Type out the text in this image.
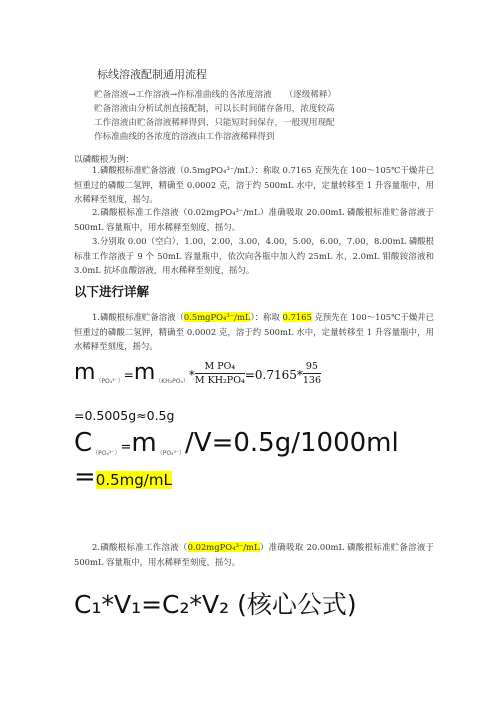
标线溶液配制通用流程
贮备溶液→工作溶液→作标准曲线的各浓度溶液　　（逐级稀释）
贮备溶液由分析试剂直接配制，可以长时间储存备用，浓度较高
工作溶液由贮备溶液稀释得到，只能短时间保存，一般现用现配
作标准曲线的各浓度的溶液由工作溶液稀释得到
以磷酸根为例：
1.磷酸根标准贮备溶液（0.5mgPO₄³⁻/mL）：称取 0.7165 克预先在 100～105℃干燥并已恒重过的磷酸二氢钾，精确至 0.0002 克，溶于约 500mL 水中，定量转移至 1 升容量瓶中，用水稀释至刻度，摇匀。
以下进行详解
2.磷酸根标准工作溶液（0.02mgPO₄³⁻/mL）准确吸取 20.00mL 磷酸根标准贮备溶液于 500mL 容量瓶中，用水稀释至刻度，摇匀。
1.磷酸根标准贮备溶液（0.5mgPO₄³⁻/mL）：称取 0.7165 克预先在 100～105℃干燥并已恒重过的磷酸二氢钾，精确至 0.0002 克，溶于约 500mL 水中，定量转移至 1 升容量瓶中，用水稀释至刻度，摇匀。
$m(PO_4^{3-})=m(KH_2PO_4)* \frac{\text{M PO₄}}{\text{M KH₂PO₄}} =0.7165* \frac{95}{136}$
=0.5005g≈0.5g
C（PO₄³⁻）=m（PO₄³⁻）/V=0.5g/1000ml
=0.5mg/mL
2.磷酸根标准工作溶液（0.02mgPO₄³⁻/mL）准确吸取 20.00mL 磷酸根标准贮备溶液于 500mL 容量瓶中，用水稀释至刻度，摇匀。
C₁*V₁=C₂*V₂ (核心公式)
3.分别取 0.00（空白），1.00，2.00，3.00，4.00，5.00，6.00，7.00，8.00mL 磷酸根标准工作溶液于 9 个 50mL 容量瓶中，依次向各瓶中加入约 25mL 水，2.0mL 钼酸铵溶液和 3.0mL 抗坏血酸溶液，用水稀释至刻度，摇匀。
